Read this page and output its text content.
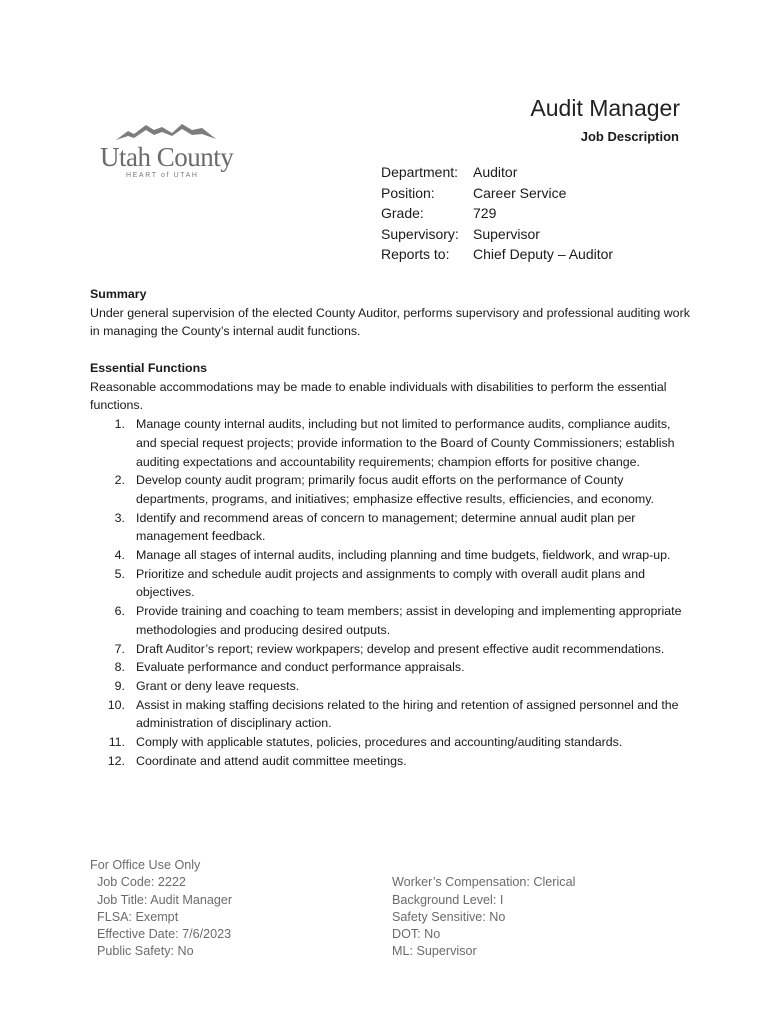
Utah County
HEART of UTAH
Audit Manager
Job Description
Department:	Auditor
Position:	Career Service
Grade:	729
Supervisory:	Supervisor
Reports to:	Chief Deputy – Auditor
Summary
Under general supervision of the elected County Auditor, performs supervisory and professional auditing work in managing the County’s internal audit functions.
Essential Functions
Reasonable accommodations may be made to enable individuals with disabilities to perform the essential functions.
1. Manage county internal audits, including but not limited to performance audits, compliance audits, and special request projects; provide information to the Board of County Commissioners; establish auditing expectations and accountability requirements; champion efforts for positive change.
2. Develop county audit program; primarily focus audit efforts on the performance of County departments, programs, and initiatives; emphasize effective results, efficiencies, and economy.
3. Identify and recommend areas of concern to management; determine annual audit plan per management feedback.
4. Manage all stages of internal audits, including planning and time budgets, fieldwork, and wrap-up.
5. Prioritize and schedule audit projects and assignments to comply with overall audit plans and objectives.
6. Provide training and coaching to team members; assist in developing and implementing appropriate methodologies and producing desired outputs.
7. Draft Auditor’s report; review workpapers; develop and present effective audit recommendations.
8. Evaluate performance and conduct performance appraisals.
9. Grant or deny leave requests.
10. Assist in making staffing decisions related to the hiring and retention of assigned personnel and the administration of disciplinary action.
11. Comply with applicable statutes, policies, procedures and accounting/auditing standards.
12. Coordinate and attend audit committee meetings.
For Office Use Only
Job Code: 2222
Job Title: Audit Manager
FLSA: Exempt
Effective Date: 7/6/2023
Public Safety: No
Worker’s Compensation: Clerical
Background Level: I
Safety Sensitive: No
DOT: No
ML: Supervisor
